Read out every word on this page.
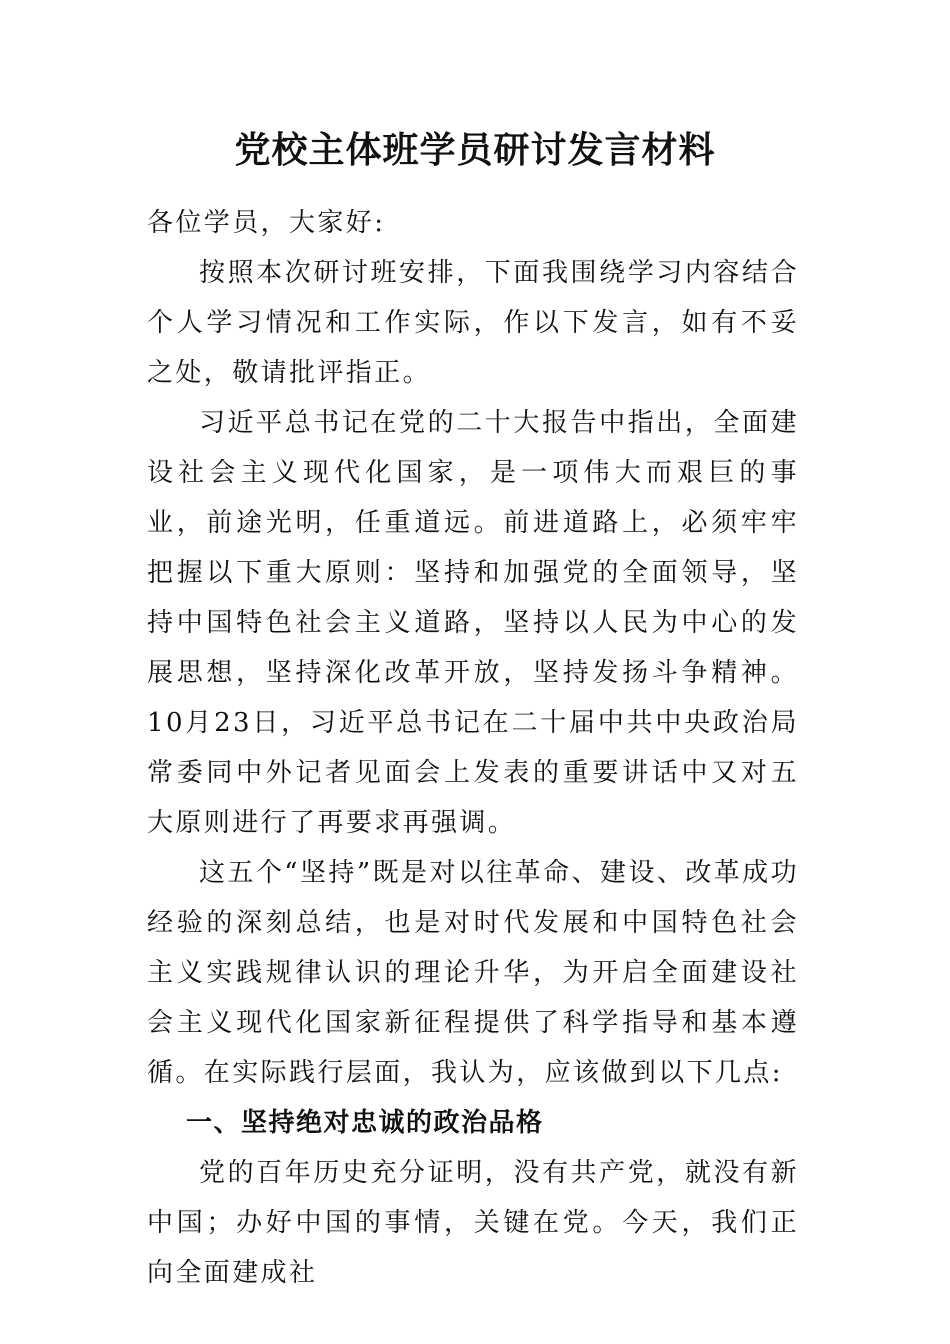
党校主体班学员研讨发言材料

各位学员，大家好:

按照本次研讨班安排，下面我围绕学习内容结合个人学习情况和工作实际，作以下发言，如有不妥之处，敬请批评指正。

习近平总书记在党的二十大报告中指出，全面建设社会主义现代化国家，是一项伟大而艰巨的事业，前途光明，任重道远。前进道路上，必须牢牢把握以下重大原则：坚持和加强党的全面领导，坚持中国特色社会主义道路，坚持以人民为中心的发展思想，坚持深化改革开放，坚持发扬斗争精神。10月23日，习近平总书记在二十届中共中央政治局常委同中外记者见面会上发表的重要讲话中又对五大原则进行了再要求再强调。

这五个“坚持”既是对以往革命、建设、改革成功经验的深刻总结，也是对时代发展和中国特色社会主义实践规律认识的理论升华，为开启全面建设社会主义现代化国家新征程提供了科学指导和基本遵循。在实际践行层面，我认为，应该做到以下几点:

一、坚持绝对忠诚的政治品格

党的百年历史充分证明，没有共产党，就没有新中国；办好中国的事情，关键在党。今天，我们正向全面建成社
